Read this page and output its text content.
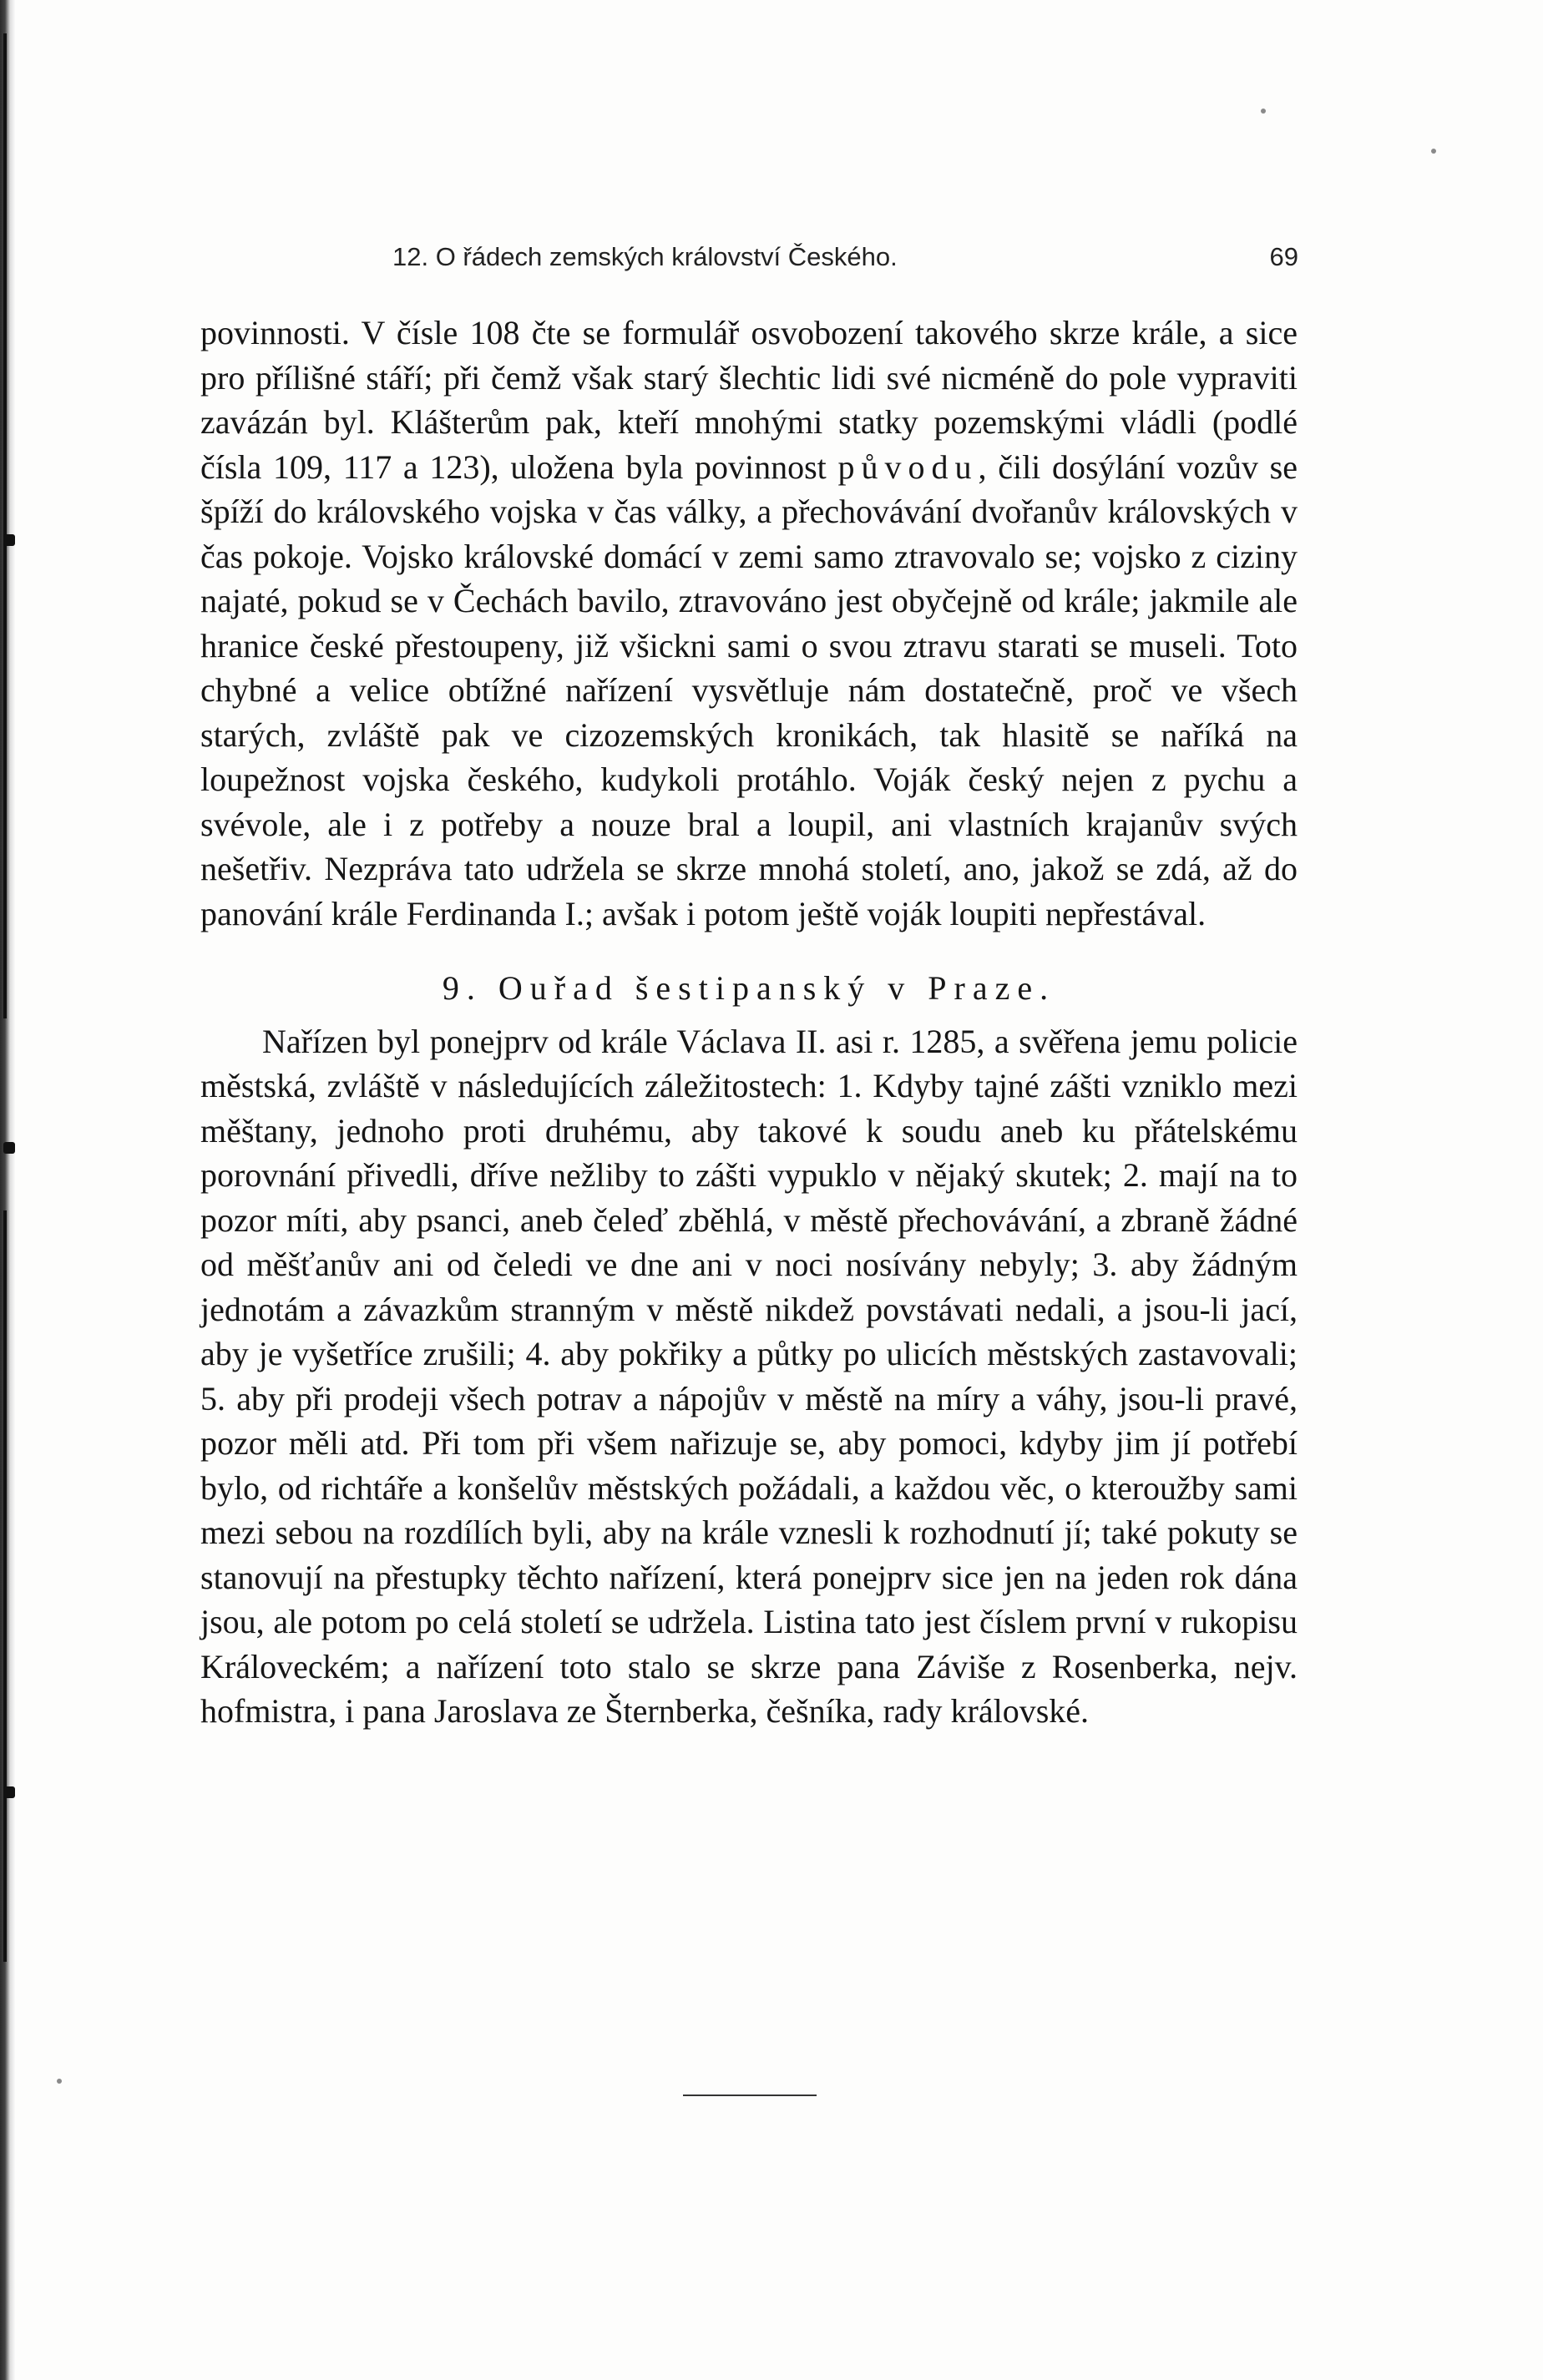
12. O řádech zemských království Českého.	69

povinnosti. V čísle 108 čte se formulář osvobození takového skrze krále, a sice pro přílišné stáří; při čemž však starý šlechtic lidi své nicméně do pole vypraviti zavázán byl. Klášterům pak, kteří mnohými statky pozemskými vládli (podlé čísla 109, 117 a 123), uložena byla povinnost původu, čili dosýlání vozův se špíží do královského vojska v čas války, a přechovávání dvořanův královských v čas pokoje. Vojsko královské domácí v zemi samo ztravovalo se; vojsko z ciziny najaté, pokud se v Čechách bavilo, ztravováno jest obyčejně od krále; jakmile ale hranice české přestoupeny, již všickni sami o svou ztravu starati se museli. Toto chybné a velice obtížné nařízení vysvětluje nám dostatečně, proč ve všech starých, zvláště pak ve cizozemských kronikách, tak hlasitě se naříká na loupežnost vojska českého, kudykoli protáhlo. Voják český nejen z pychu a svévole, ale i z potřeby a nouze bral a loupil, ani vlastních krajanův svých nešetřiv. Nezpráva tato udržela se skrze mnohá století, ano, jakož se zdá, až do panování krále Ferdinanda I.; avšak i potom ještě voják loupiti nepřestával.

9. Ouřad šestipanský v Praze.

Nařízen byl ponejprv od krále Václava II. asi r. 1285, a svěřena jemu policie městská, zvláště v následujících záležitostech: 1. Kdyby tajné zášti vzniklo mezi měštany, jednoho proti druhému, aby takové k soudu aneb ku přátelskému porovnání přivedli, dříve nežliby to zášti vypuklo v nějaký skutek; 2. mají na to pozor míti, aby psanci, aneb čeleď zběhlá, v městě přechovávání, a zbraně žádné od měšťanův ani od čeledi ve dne ani v noci nosívány nebyly; 3. aby žádným jednotám a závazkům stranným v městě nikdež povstávati nedali, a jsou-li jací, aby je vyšetříce zrušili; 4. aby pokřiky a půtky po ulicích městských zastavovali; 5. aby při prodeji všech potrav a nápojův v městě na míry a váhy, jsou-li pravé, pozor měli atd. Při tom při všem nařizuje se, aby pomoci, kdyby jim jí potřebí bylo, od richtáře a konšelův městských požádali, a každou věc, o kteroužby sami mezi sebou na rozdílích byli, aby na krále vznesli k rozhodnutí jí; také pokuty se stanovují na přestupky těchto nařízení, která ponejprv sice jen na jeden rok dána jsou, ale potom po celá století se udržela. Listina tato jest číslem první v rukopisu Královeckém; a nařízení toto stalo se skrze pana Záviše z Rosenberka, nejv. hofmistra, i pana Jaroslava ze Šternberka, češníka, rady královské.
